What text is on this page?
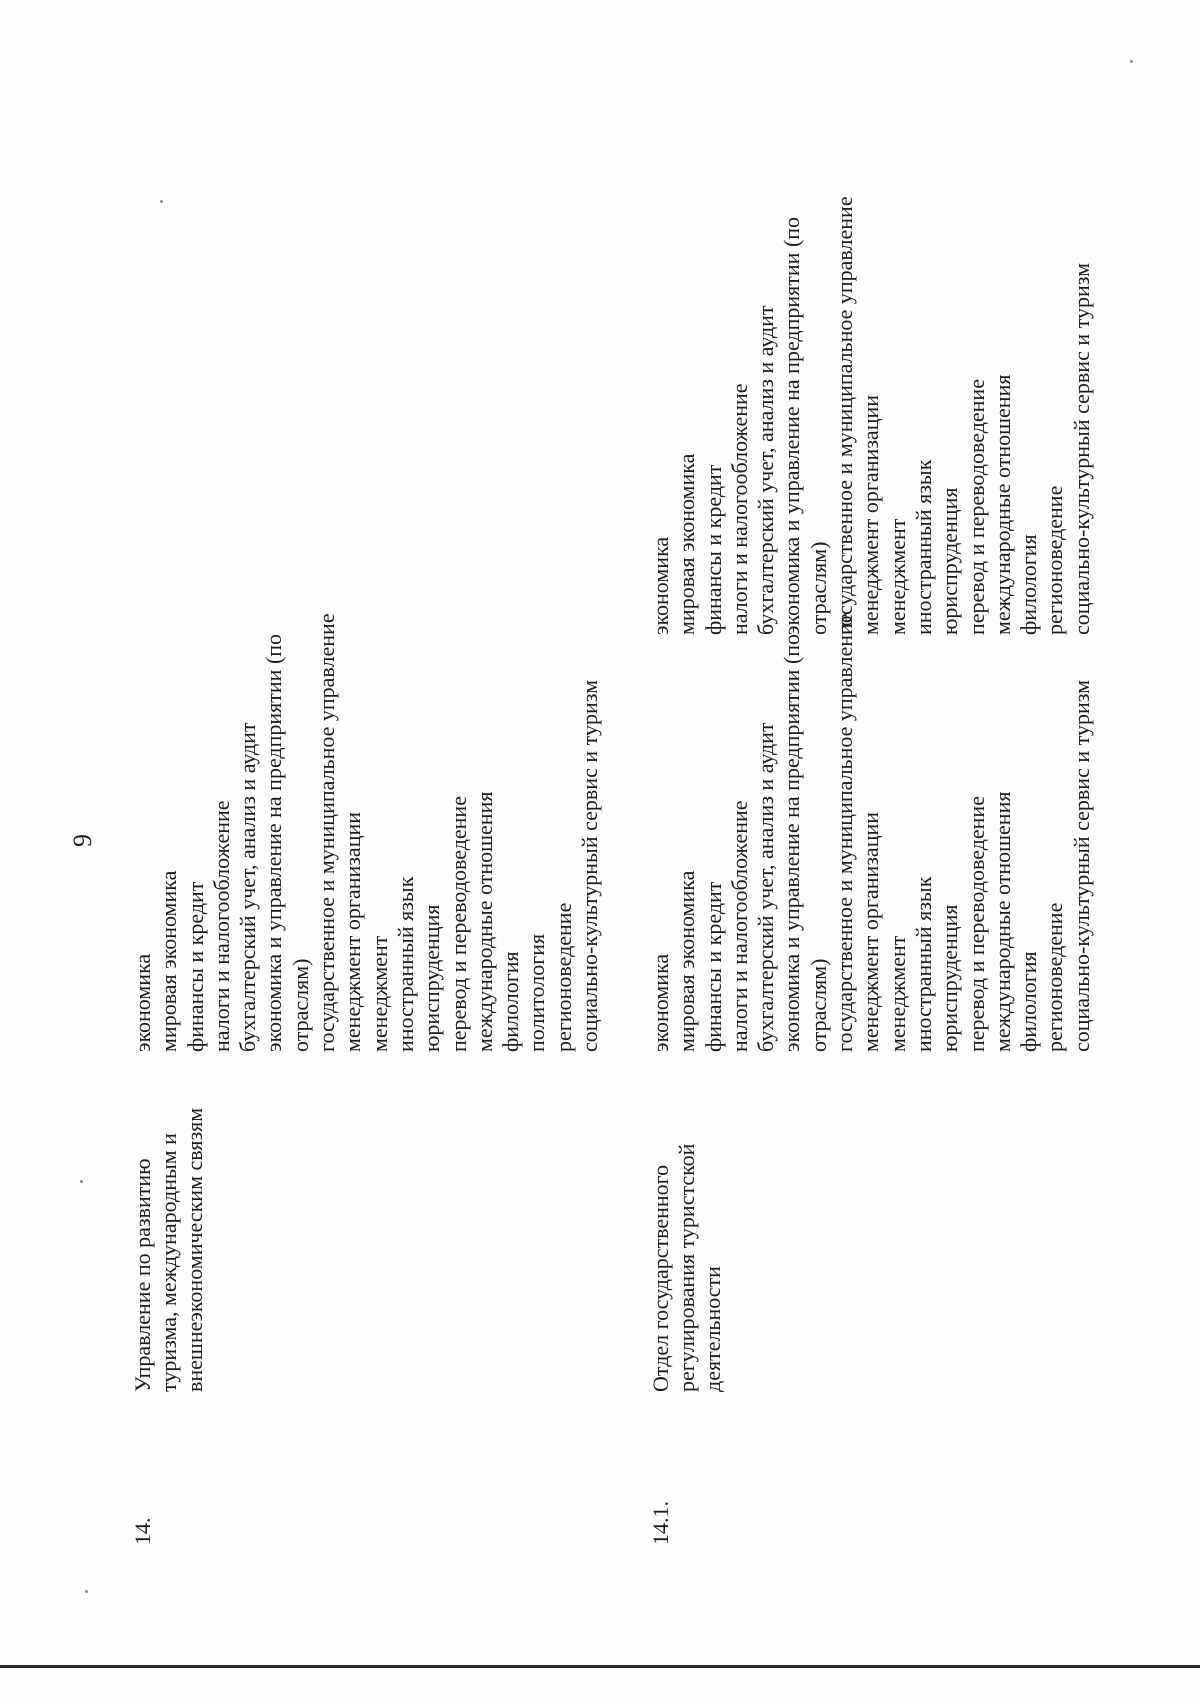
9
14.
Управление по развитию туризма, международным и внешнеэкономическим связям
экономика мировая экономика финансы и кредит налоги и налогообложение бухгалтерский учет, анализ и аудит экономика и управление на предприятии (по отраслям) государственное и муниципальное управление менеджмент организации менеджмент иностранный язык юриспруденция перевод и переводоведение международные отношения филология политология регионоведение социально-культурный сервис и туризм
14.1.
Отдел государственного регулирования туристской деятельности
экономика мировая экономика финансы и кредит налоги и налогообложение бухгалтерский учет, анализ и аудит экономика и управление на предприятии (по отраслям) государственное и муниципальное управление менеджмент организации менеджмент иностранный язык юриспруденция перевод и переводоведение международные отношения филология регионоведение социально-культурный сервис и туризм
экономика мировая экономика финансы и кредит налоги и налогообложение бухгалтерский учет, анализ и аудит экономика и управление на предприятии (по отраслям) государственное и муниципальное управление менеджмент организации менеджмент иностранный язык юриспруденция перевод и переводоведение международные отношения филология регионоведение социально-культурный сервис и туризм
